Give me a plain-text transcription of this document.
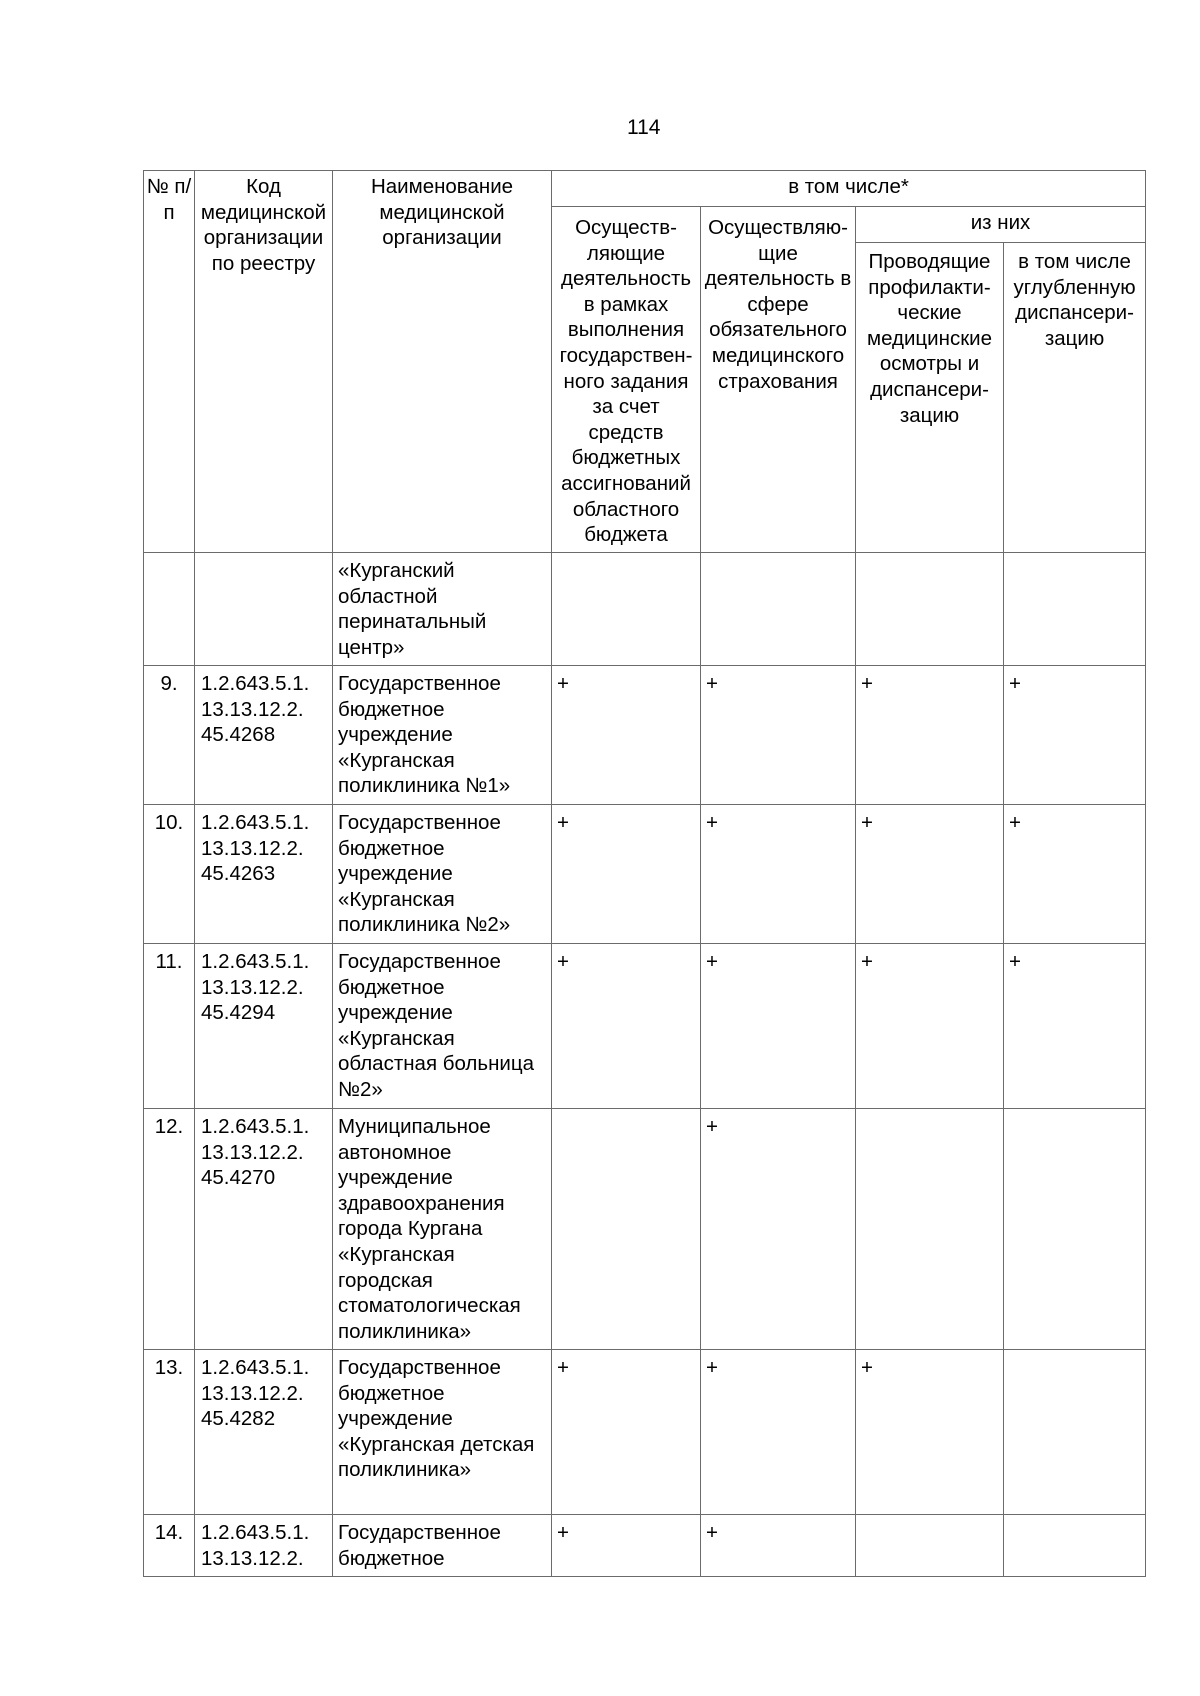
114
№ п/п	Код медицинской организации по реестру	Наименование медицинской организации	в том числе*			
			Осуществ-ляющие деятельность в рамках выполнения государствен-ного задания за счет средств бюджетных ассигнований областного бюджета	Осуществляю-щие деятельность в сфере обязательного медицинского страхования	из них	
					Проводящие профилакти-ческие медицинские осмотры и диспансери-зацию	в том числе углубленную диспансери-зацию
		«Курганский областной перинатальный центр»				
9.	1.2.643.5.1. 13.13.12.2. 45.4268	Государственное бюджетное учреждение «Курганская поликлиника №1»	+	+	+	+
10.	1.2.643.5.1. 13.13.12.2. 45.4263	Государственное бюджетное учреждение «Курганская поликлиника №2»	+	+	+	+
11.	1.2.643.5.1. 13.13.12.2. 45.4294	Государственное бюджетное учреждение «Курганская областная больница №2»	+	+	+	+
12.	1.2.643.5.1. 13.13.12.2. 45.4270	Муниципальное автономное учреждение здравоохранения города Кургана «Курганская городская стоматологическая поликлиника»		+		
13.	1.2.643.5.1. 13.13.12.2. 45.4282	Государственное бюджетное учреждение «Курганская детская поликлиника»	+	+	+	
14.	1.2.643.5.1. 13.13.12.2.	Государственное бюджетное	+	+		
